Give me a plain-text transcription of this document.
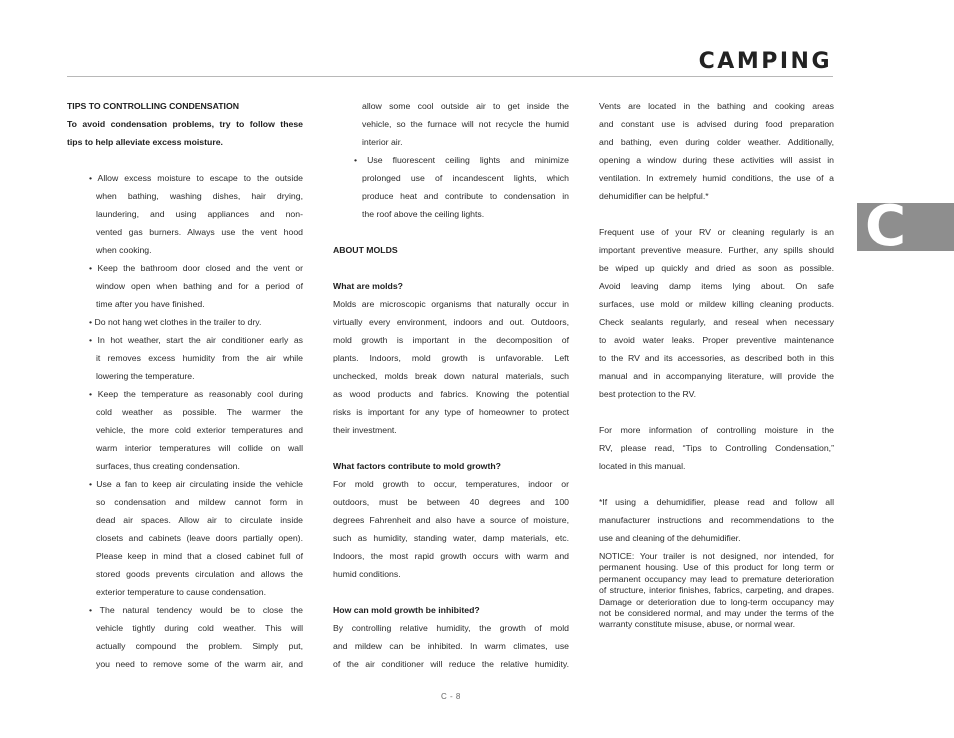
CAMPING
C
TIPS TO CONTROLLING CONDENSATION
To avoid condensation problems, try to follow these
tips to help alleviate excess moisture.
• Allow excess moisture to escape to the outside
when bathing, washing dishes, hair drying,
laundering, and using appliances and non-
vented gas burners. Always use the vent hood
when cooking.
• Keep the bathroom door closed and the vent or
window open when bathing and for a period of
time after you have finished.
• Do not hang wet clothes in the trailer to dry.
• In hot weather, start the air conditioner early as
it removes excess humidity from the air while
lowering the temperature.
• Keep the temperature as reasonably cool during
cold weather as possible. The warmer the
vehicle, the more cold exterior temperatures and
warm interior temperatures will collide on wall
surfaces, thus creating condensation.
• Use a fan to keep air circulating inside the vehicle
so condensation and mildew cannot form in
dead air spaces. Allow air to circulate inside
closets and cabinets (leave doors partially open).
Please keep in mind that a closed cabinet full of
stored goods prevents circulation and allows the
exterior temperature to cause condensation.
• The natural tendency would be to close the
vehicle tightly during cold weather. This will
actually compound the problem. Simply put,
you need to remove some of the warm air, and
allow some cool outside air to get inside the
vehicle, so the furnace will not recycle the humid
interior air.
• Use fluorescent ceiling lights and minimize
prolonged use of incandescent lights, which
produce heat and contribute to condensation in
the roof above the ceiling lights.
ABOUT MOLDS
What are molds?
Molds are microscopic organisms that naturally occur in
virtually every environment, indoors and out. Outdoors,
mold growth is important in the decomposition of
plants. Indoors, mold growth is unfavorable. Left
unchecked, molds break down natural materials, such
as wood products and fabrics. Knowing the potential
risks is important for any type of homeowner to protect
their investment.
What factors contribute to mold growth?
For mold growth to occur, temperatures, indoor or
outdoors, must be between 40 degrees and 100
degrees Fahrenheit and also have a source of moisture,
such as humidity, standing water, damp materials, etc.
Indoors, the most rapid growth occurs with warm and
humid conditions.
How can mold growth be inhibited?
By controlling relative humidity, the growth of mold
and mildew can be inhibited. In warm climates, use
of the air conditioner will reduce the relative humidity.
Vents are located in the bathing and cooking areas
and constant use is advised during food preparation
and bathing, even during colder weather. Additionally,
opening a window during these activities will assist in
ventilation. In extremely humid conditions, the use of a
dehumidifier can be helpful.*
Frequent use of your RV or cleaning regularly is an
important preventive measure. Further, any spills should
be wiped up quickly and dried as soon as possible.
Avoid leaving damp items lying about. On safe
surfaces, use mold or mildew killing cleaning products.
Check sealants regularly, and reseal when necessary
to avoid water leaks. Proper preventive maintenance
to the RV and its accessories, as described both in this
manual and in accompanying literature, will provide the
best protection to the RV.
For more information of controlling moisture in the
RV, please read, “Tips to Controlling Condensation,”
located in this manual.
*If using a dehumidifier, please read and follow all
manufacturer instructions and recommendations to the
use and cleaning of the dehumidifier.
NOTICE: Your trailer is not designed, nor intended, for permanent housing. Use of this product for long term or permanent occupancy may lead to premature deterioration of structure, interior finishes, fabrics, carpeting, and drapes. Damage or deterioration due to long-term occupancy may not be considered normal, and may under the terms of the warranty constitute misuse, abuse, or normal wear.
C - 8
